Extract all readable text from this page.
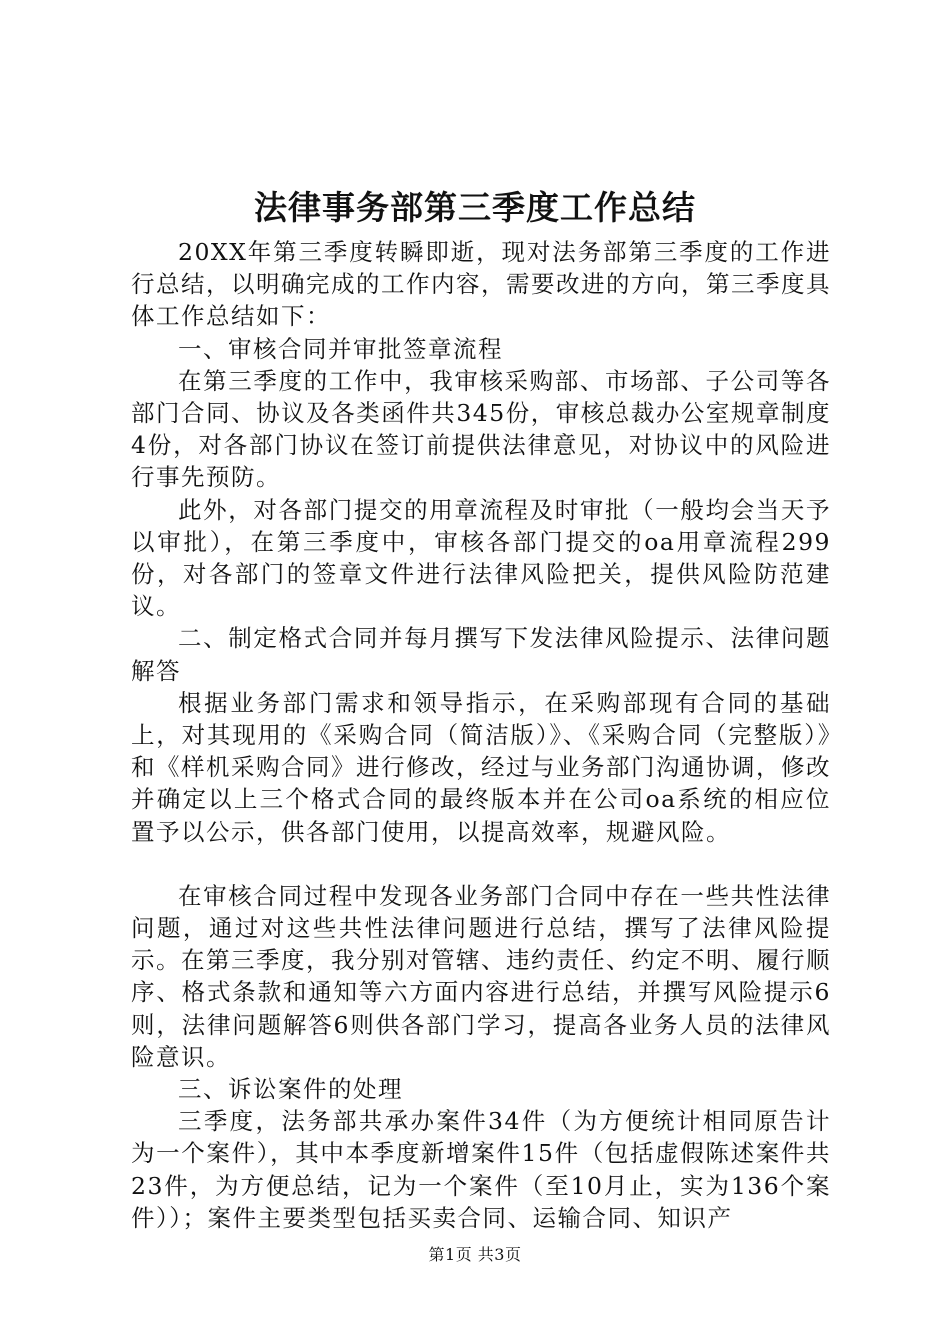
法律事务部第三季度工作总结

20XX年第三季度转瞬即逝，现对法务部第三季度的工作进行总结，以明确完成的工作内容，需要改进的方向，第三季度具体工作总结如下：

一、审核合同并审批签章流程

在第三季度的工作中，我审核采购部、市场部、子公司等各部门合同、协议及各类函件共345份，审核总裁办公室规章制度4份，对各部门协议在签订前提供法律意见，对协议中的风险进行事先预防。

此外，对各部门提交的用章流程及时审批（一般均会当天予以审批），在第三季度中，审核各部门提交的oa用章流程299份，对各部门的签章文件进行法律风险把关，提供风险防范建议。

二、制定格式合同并每月撰写下发法律风险提示、法律问题解答

根据业务部门需求和领导指示，在采购部现有合同的基础上，对其现用的《采购合同（简洁版）》、《采购合同（完整版）》和《样机采购合同》进行修改，经过与业务部门沟通协调，修改并确定以上三个格式合同的最终版本并在公司oa系统的相应位置予以公示，供各部门使用，以提高效率，规避风险。

在审核合同过程中发现各业务部门合同中存在一些共性法律问题，通过对这些共性法律问题进行总结，撰写了法律风险提示。在第三季度，我分别对管辖、违约责任、约定不明、履行顺序、格式条款和通知等六方面内容进行总结，并撰写风险提示6则，法律问题解答6则供各部门学习，提高各业务人员的法律风险意识。

三、诉讼案件的处理

三季度，法务部共承办案件34件（为方便统计相同原告计为一个案件），其中本季度新增案件15件（包括虚假陈述案件共23件，为方便总结，记为一个案件（至10月止，实为136个案件））；案件主要类型包括买卖合同、运输合同、知识产

第1页 共3页
